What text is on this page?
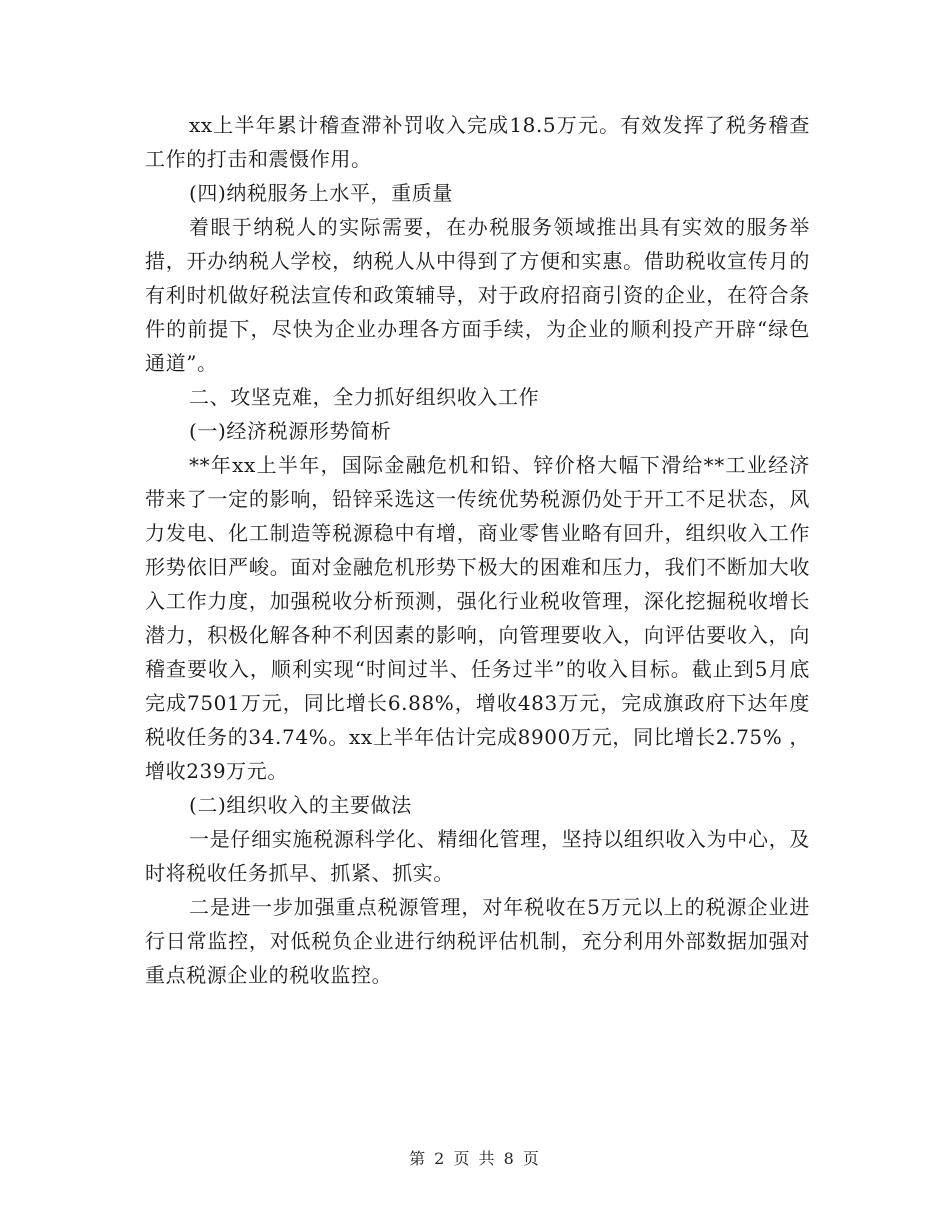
xx上半年累计稽查滞补罚收入完成18.5万元。有效发挥了税务稽查工作的打击和震慑作用。

(四)纳税服务上水平，重质量

着眼于纳税人的实际需要，在办税服务领域推出具有实效的服务举措，开办纳税人学校，纳税人从中得到了方便和实惠。借助税收宣传月的有利时机做好税法宣传和政策辅导，对于政府招商引资的企业，在符合条件的前提下，尽快为企业办理各方面手续，为企业的顺利投产开辟“绿色通道”。

二、攻坚克难，全力抓好组织收入工作

(一)经济税源形势简析

**年xx上半年，国际金融危机和铅、锌价格大幅下滑给**工业经济带来了一定的影响，铅锌采选这一传统优势税源仍处于开工不足状态，风力发电、化工制造等税源稳中有增，商业零售业略有回升，组织收入工作形势依旧严峻。面对金融危机形势下极大的困难和压力，我们不断加大收入工作力度，加强税收分析预测，强化行业税收管理，深化挖掘税收增长潜力，积极化解各种不利因素的影响，向管理要收入，向评估要收入，向稽查要收入，顺利实现“时间过半、任务过半”的收入目标。截止到5月底完成7501万元，同比增长6.88%，增收483万元，完成旗政府下达年度税收任务的34.74%。xx上半年估计完成8900万元，同比增长2.75% ，增收239万元。

(二)组织收入的主要做法

一是仔细实施税源科学化、精细化管理，坚持以组织收入为中心，及时将税收任务抓早、抓紧、抓实。

二是进一步加强重点税源管理，对年税收在5万元以上的税源企业进行日常监控，对低税负企业进行纳税评估机制，充分利用外部数据加强对重点税源企业的税收监控。

第 2 页 共 8 页
